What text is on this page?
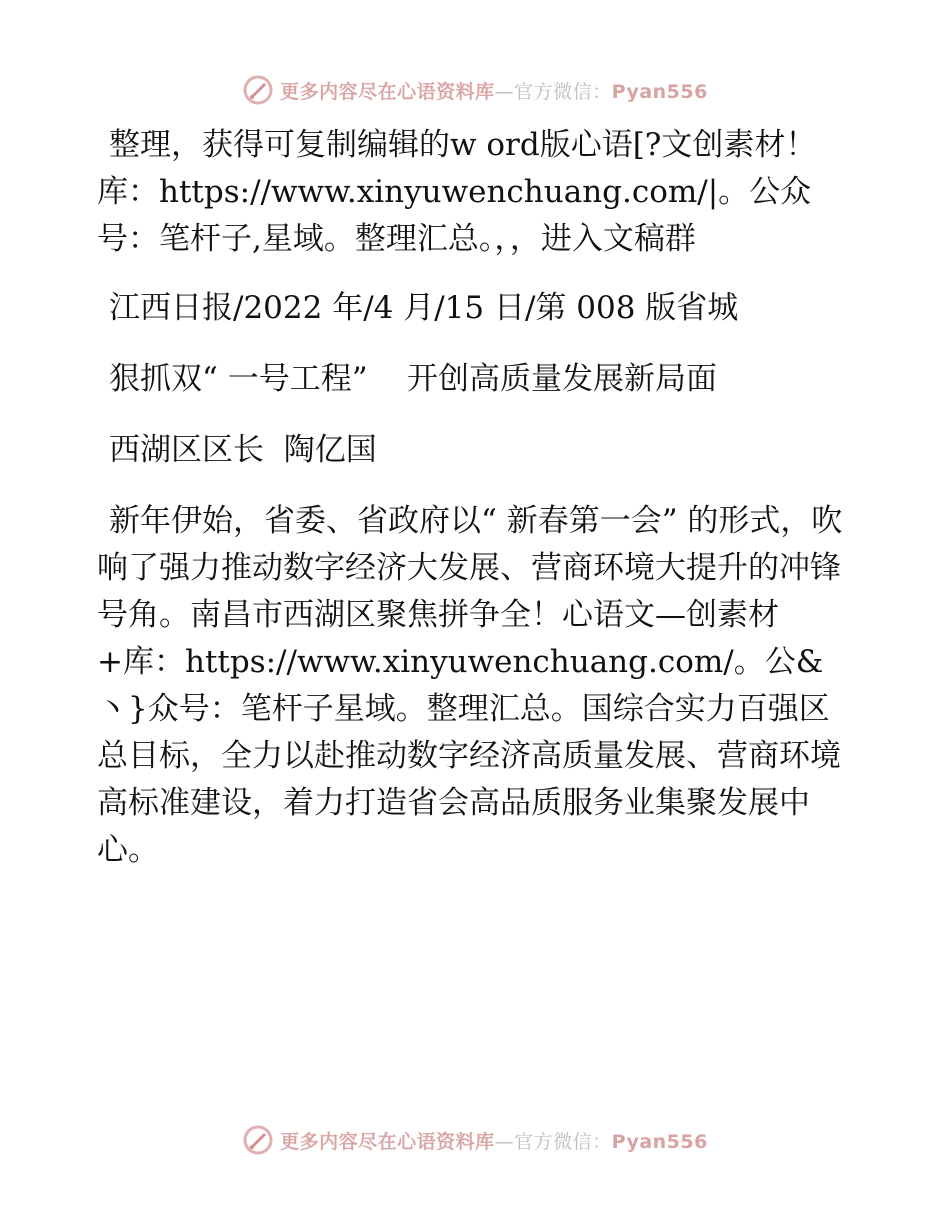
更多内容尽在心语资料库—官方微信：Pyan556

整理，获得可复制编辑的w ord版心语[?文创素材！库：https://www.xinyuwenchuang.com/|。公众号：笔杆子,星域。整理汇总。，，进入文稿群

江西日报/2022 年/4 月/15 日/第 008 版省城

狠抓双“ 一号工程”    开创高质量发展新局面

西湖区区长  陶亿国

新年伊始，省委、省政府以“ 新春第一会” 的形式，吹响了强力推动数字经济大发展、营商环境大提升的冲锋号角。南昌市西湖区聚焦拼争全！心语文—创素材+库：https://www.xinyuwenchuang.com/。公&丶}众号：笔杆子星域。整理汇总。国综合实力百强区总目标，全力以赴推动数字经济高质量发展、营商环境高标准建设，着力打造省会高品质服务业集聚发展中心。

更多内容尽在心语资料库—官方微信：Pyan556
